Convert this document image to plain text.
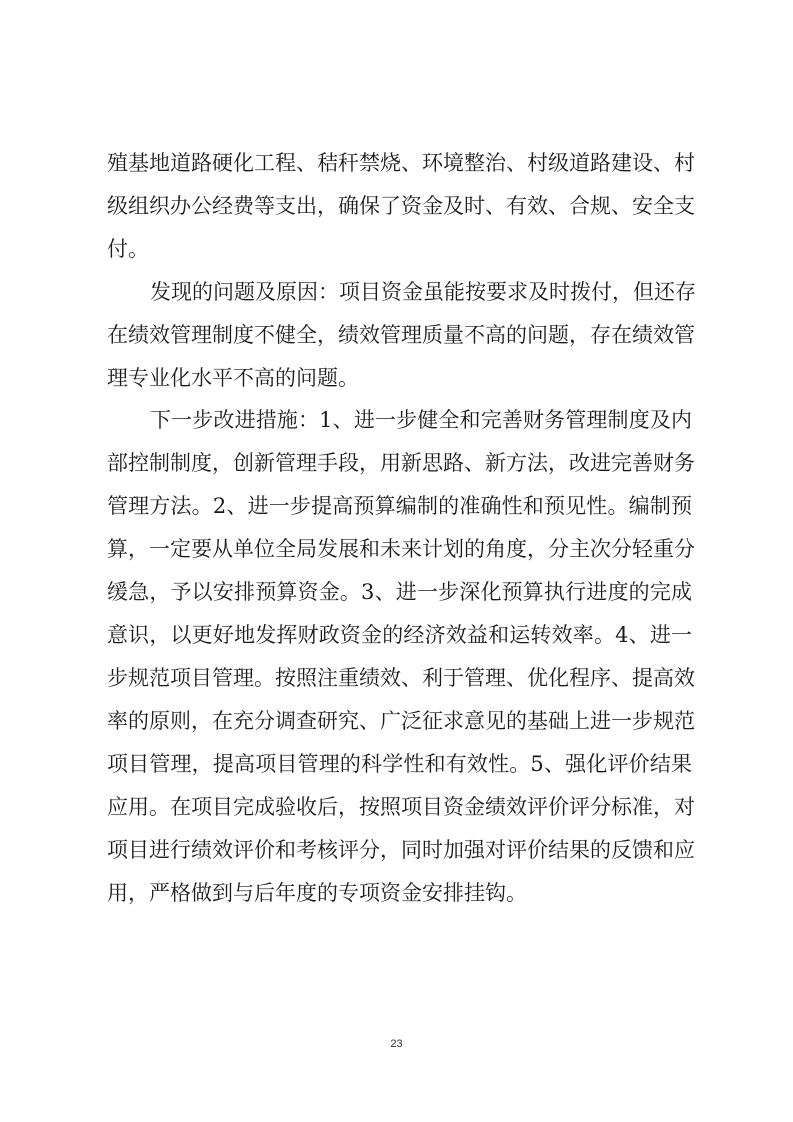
殖基地道路硬化工程、秸秆禁烧、环境整治、村级道路建设、村
级组织办公经费等支出，确保了资金及时、有效、合规、安全支
付。
发现的问题及原因：项目资金虽能按要求及时拨付，但还存
在绩效管理制度不健全，绩效管理质量不高的问题，存在绩效管
理专业化水平不高的问题。
下一步改进措施：1、进一步健全和完善财务管理制度及内
部控制制度，创新管理手段，用新思路、新方法，改进完善财务
管理方法。2、进一步提高预算编制的准确性和预见性。编制预
算，一定要从单位全局发展和未来计划的角度，分主次分轻重分
缓急，予以安排预算资金。3、进一步深化预算执行进度的完成
意识，以更好地发挥财政资金的经济效益和运转效率。4、进一
步规范项目管理。按照注重绩效、利于管理、优化程序、提高效
率的原则，在充分调查研究、广泛征求意见的基础上进一步规范
项目管理，提高项目管理的科学性和有效性。5、强化评价结果
应用。在项目完成验收后，按照项目资金绩效评价评分标准，对
项目进行绩效评价和考核评分，同时加强对评价结果的反馈和应
用，严格做到与后年度的专项资金安排挂钩。
23
